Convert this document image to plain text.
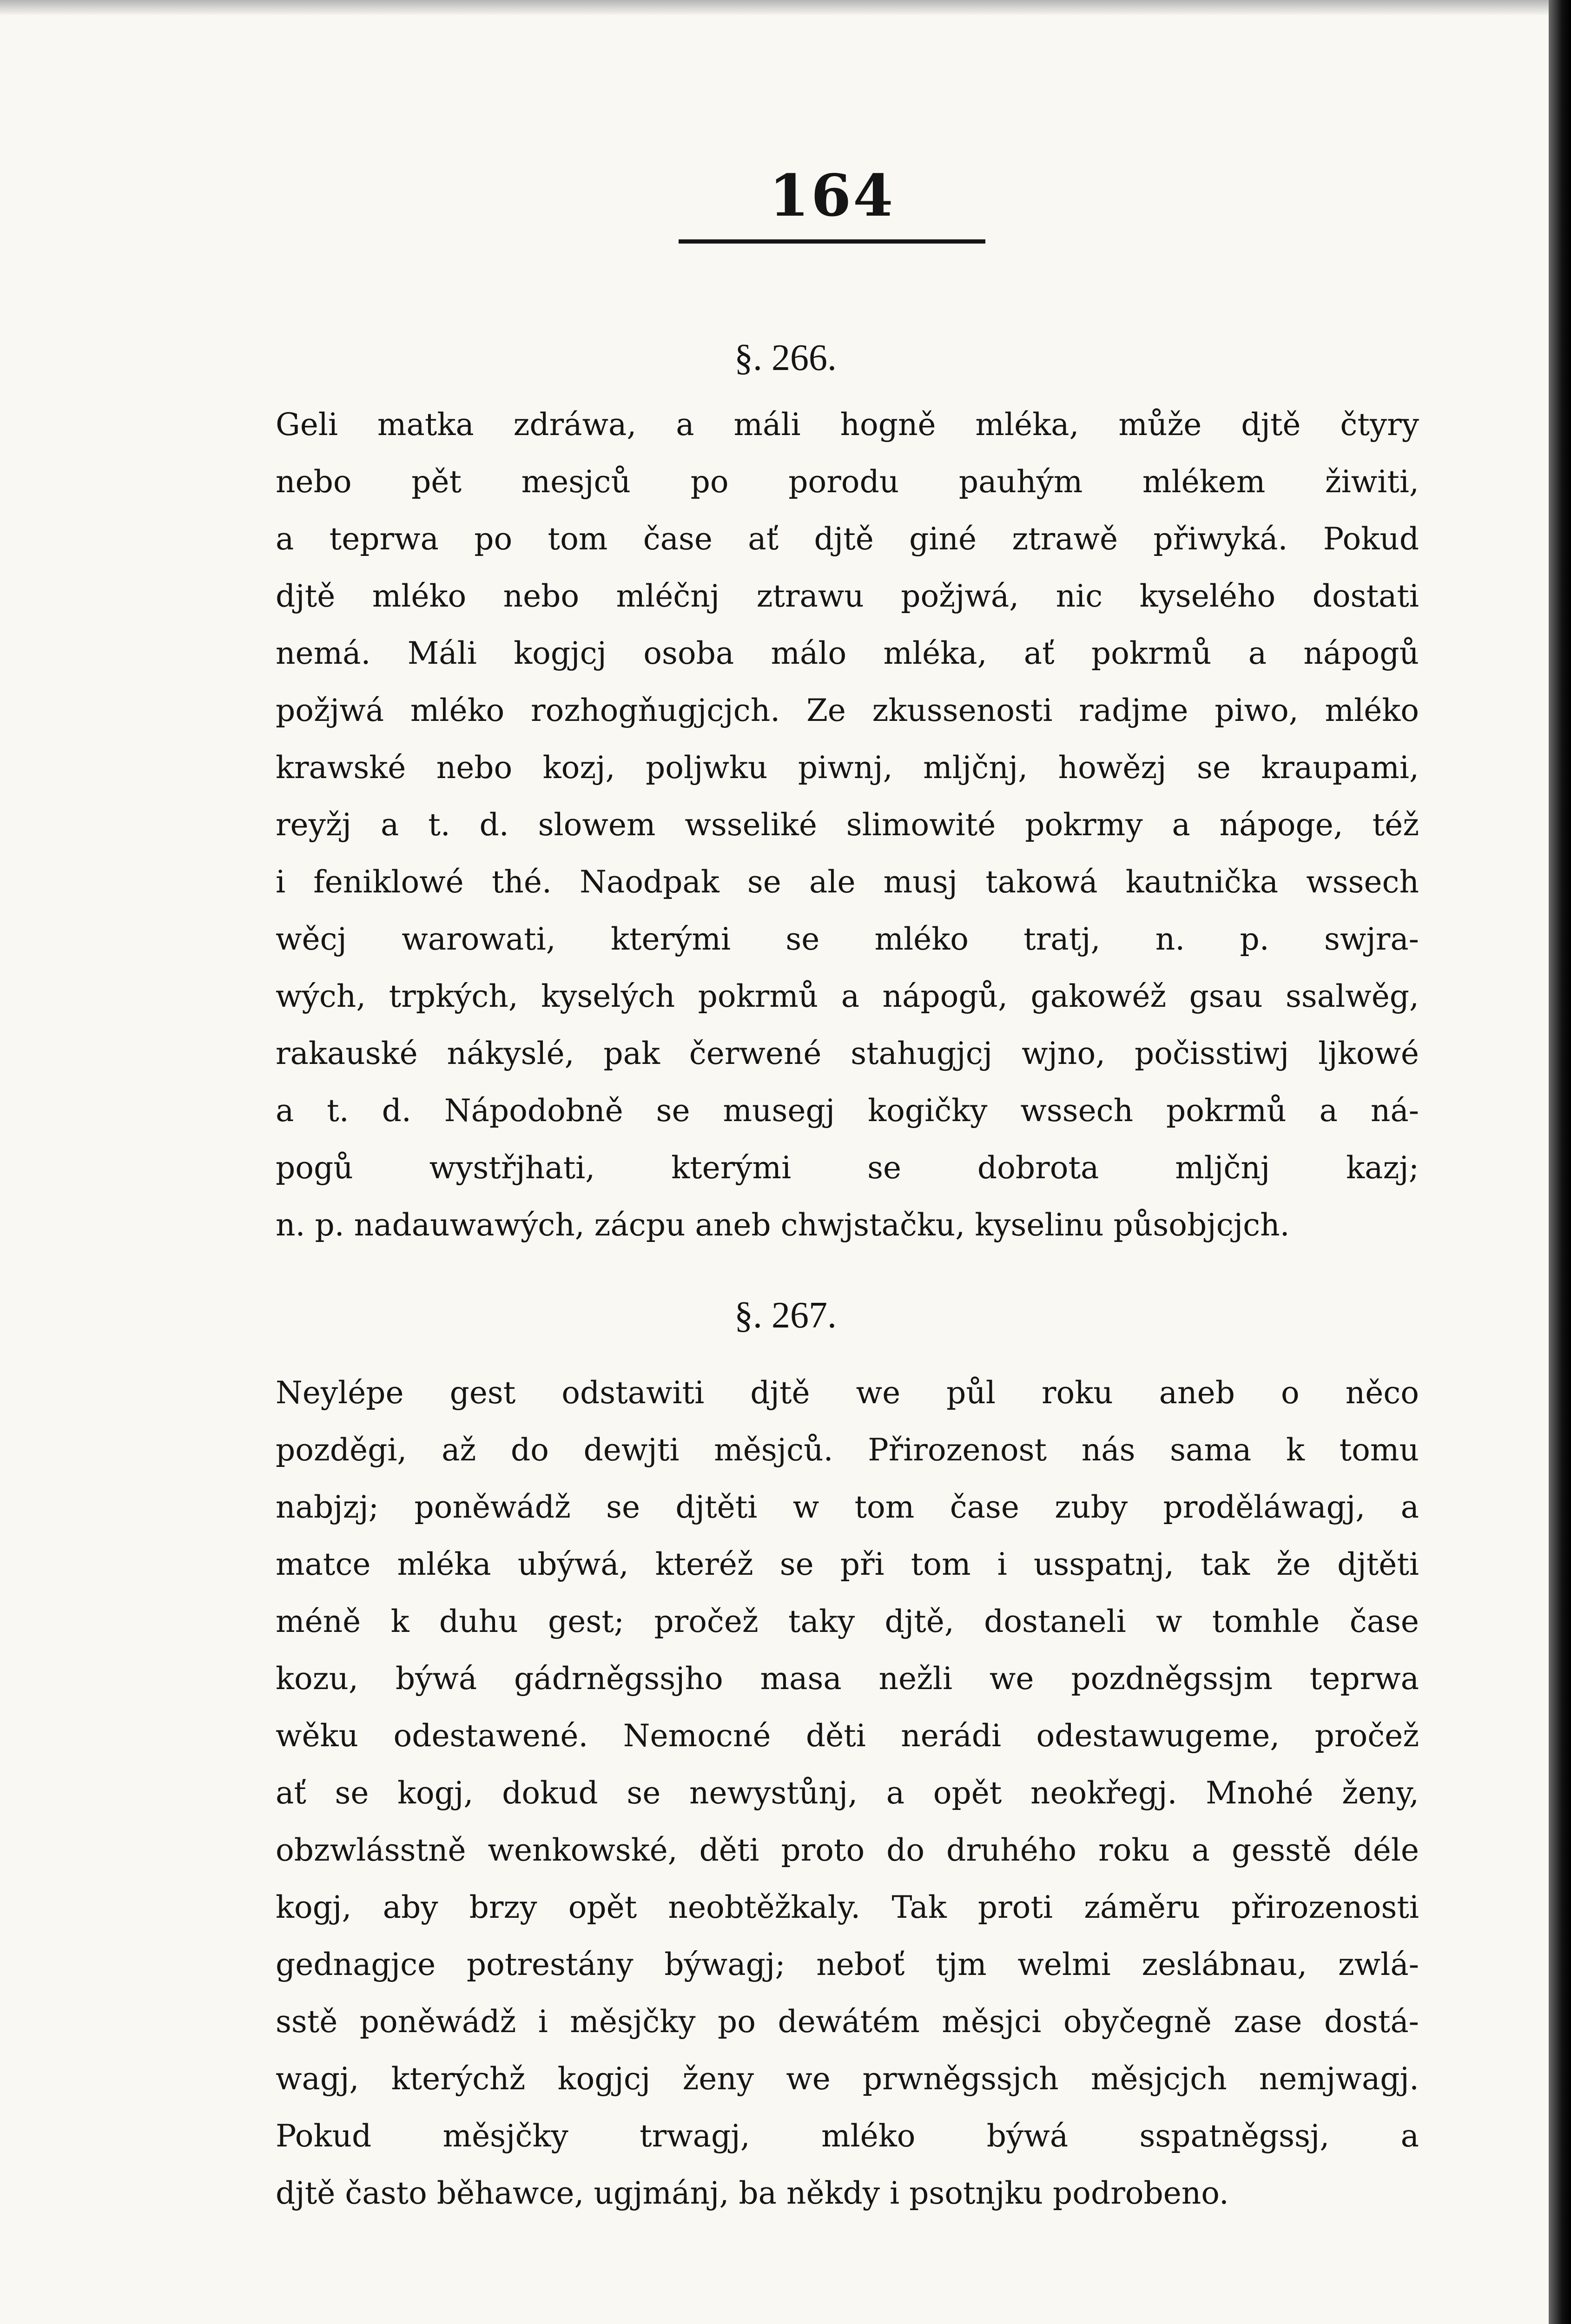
164
§. 266.
Geli matka zdráwa, a máli hogně mléka, může djtě čtyry
nebo pět mesjců po porodu pauhým mlékem žiwiti,
a teprwa po tom čase ať djtě giné ztrawě přiwyká. Pokud
djtě mléko nebo mléčnj ztrawu požjwá, nic kyselého dostati
nemá. Máli kogjcj osoba málo mléka, ať pokrmů a nápogů
požjwá mléko rozhogňugjcjch. Ze zkussenosti radjme piwo, mléko
krawské nebo kozj, poljwku piwnj, mljčnj, howězj se kraupami,
reyžj a t. d. slowem wsseliké slimowité pokrmy a nápoge, též
i feniklowé thé. Naodpak se ale musj takowá kautnička wssech
wěcj warowati, kterými se mléko tratj, n. p. swjra-
wých, trpkých, kyselých pokrmů a nápogů, gakowéž gsau ssalwěg,
rakauské nákyslé, pak čerwené stahugjcj wjno, počisstiwj ljkowé
a t. d. Nápodobně se musegj kogičky wssech pokrmů a ná-
pogů wystřjhati, kterými se dobrota mljčnj kazj;
n. p. nadauwawých, zácpu aneb chwjstačku, kyselinu působjcjch.
§. 267.
Neylépe gest odstawiti djtě we půl roku aneb o něco
pozděgi, až do dewjti měsjců. Přirozenost nás sama k tomu
nabjzj; poněwádž se djtěti w tom čase zuby proděláwagj, a
matce mléka ubýwá, kteréž se při tom i usspatnj, tak že djtěti
méně k duhu gest; pročež taky djtě, dostaneli w tomhle čase
kozu, býwá gádrněgssjho masa nežli we pozdněgssjm teprwa
wěku odestawené. Nemocné děti nerádi odestawugeme, pročež
ať se kogj, dokud se newystůnj, a opět neokřegj. Mnohé ženy,
obzwlásstně wenkowské, děti proto do druhého roku a gesstě déle
kogj, aby brzy opět neobtěžkaly. Tak proti záměru přirozenosti
gednagjce potrestány býwagj; neboť tjm welmi zeslábnau, zwlá-
sstě poněwádž i měsjčky po dewátém měsjci obyčegně zase dostá-
wagj, kterýchž kogjcj ženy we prwněgssjch měsjcjch nemjwagj.
Pokud měsjčky trwagj, mléko býwá sspatněgssj, a
djtě často běhawce, ugjmánj, ba někdy i psotnjku podrobeno.
